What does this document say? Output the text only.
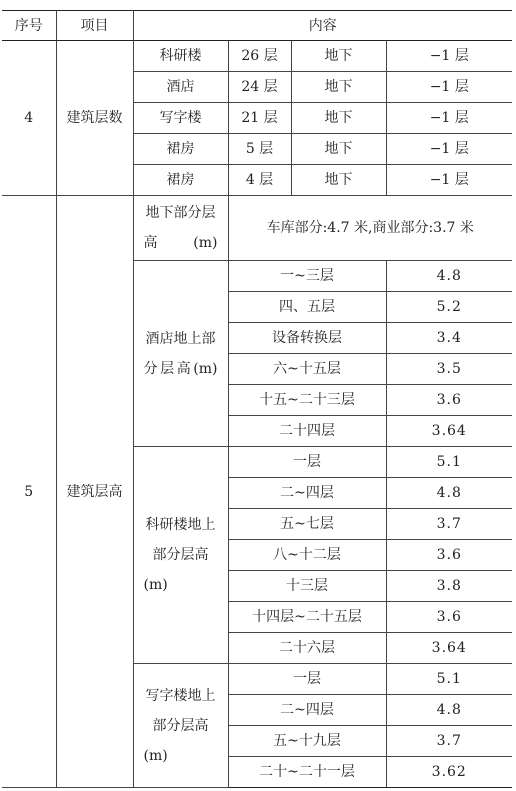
序号	项目	内容			
4	建筑层数	科研楼	26 层	地下	−1 层
		酒店	24 层	地下	−1 层
		写字楼	21 层	地下	−1 层
		裙房	5 层	地下	−1 层
		裙房	4 层	地下	−1 层
5	建筑层高	地下部分层高(m)	车库部分:4.7 米,商业部分:3.7 米		
		酒店地上部分层高(m)	一~三层		4.8
			四、五层		5.2
			设备转换层		3.4
			六~十五层		3.5
			十五~二十三层		3.6
			二十四层		3.64
		科研楼地上部分层高(m)	一层		5.1
			二~四层		4.8
			五~七层		3.7
			八~十二层		3.6
			十三层		3.8
			十四层~二十五层		3.6
			二十六层		3.64
		写字楼地上部分层高(m)	一层		5.1
			二~四层		4.8
			五~十九层		3.7
			二十~二十一层		3.62
